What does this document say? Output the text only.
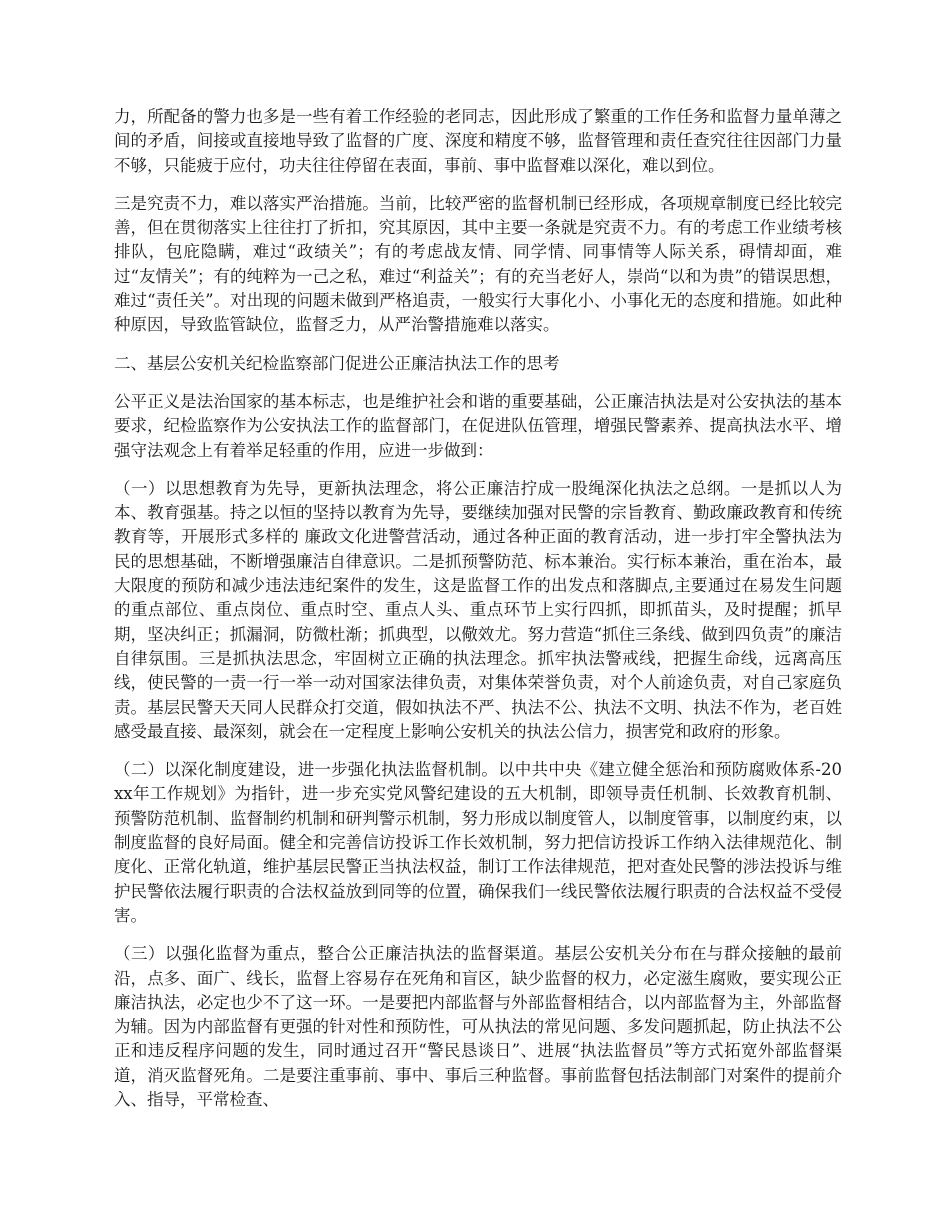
力，所配备的警力也多是一些有着工作经验的老同志，因此形成了繁重的工作任务和监督力量单薄之间的矛盾，间接或直接地导致了监督的广度、深度和精度不够，监督管理和责任查究往往因部门力量不够，只能疲于应付，功夫往往停留在表面，事前、事中监督难以深化，难以到位。

三是究责不力，难以落实严治措施。当前，比较严密的监督机制已经形成，各项规章制度已经比较完善，但在贯彻落实上往往打了折扣，究其原因，其中主要一条就是究责不力。有的考虑工作业绩考核排队，包庇隐瞒，难过“政绩关”；有的考虑战友情、同学情、同事情等人际关系，碍情却面，难过“友情关”；有的纯粹为一己之私，难过“利益关”；有的充当老好人，崇尚“以和为贵”的错误思想，难过“责任关”。对出现的问题未做到严格追责，一般实行大事化小、小事化无的态度和措施。如此种种原因，导致监管缺位，监督乏力，从严治警措施难以落实。

二、基层公安机关纪检监察部门促进公正廉洁执法工作的思考

公平正义是法治国家的基本标志，也是维护社会和谐的重要基础，公正廉洁执法是对公安执法的基本要求，纪检监察作为公安执法工作的监督部门，在促进队伍管理，增强民警素养、提高执法水平、增强守法观念上有着举足轻重的作用，应进一步做到：

（一）以思想教育为先导，更新执法理念，将公正廉洁拧成一股绳深化执法之总纲。一是抓以人为本、教育强基。持之以恒的坚持以教育为先导，要继续加强对民警的宗旨教育、勤政廉政教育和传统教育等，开展形式多样的 廉政文化进警营活动，通过各种正面的教育活动，进一步打牢全警执法为民的思想基础，不断增强廉洁自律意识。二是抓预警防范、标本兼治。实行标本兼治，重在治本，最大限度的预防和减少违法违纪案件的发生，这是监督工作的出发点和落脚点,主要通过在易发生问题的重点部位、重点岗位、重点时空、重点人头、重点环节上实行四抓，即抓苗头，及时提醒；抓早期，坚决纠正；抓漏洞，防微杜渐；抓典型，以儆效尤。努力营造“抓住三条线、做到四负责”的廉洁自律氛围。三是抓执法思念，牢固树立正确的执法理念。抓牢执法警戒线，把握生命线，远离高压线，使民警的一责一行一举一动对国家法律负责，对集体荣誉负责，对个人前途负责，对自己家庭负责。基层民警天天同人民群众打交道，假如执法不严、执法不公、执法不文明、执法不作为，老百姓感受最直接、最深刻，就会在一定程度上影响公安机关的执法公信力，损害党和政府的形象。

（二）以深化制度建设，进一步强化执法监督机制。以中共中央《建立健全惩治和预防腐败体系-20xx年工作规划》为指针，进一步充实党风警纪建设的五大机制，即领导责任机制、长效教育机制、预警防范机制、监督制约机制和研判警示机制，努力形成以制度管人，以制度管事，以制度约束，以制度监督的良好局面。健全和完善信访投诉工作长效机制，努力把信访投诉工作纳入法律规范化、制度化、正常化轨道，维护基层民警正当执法权益，制订工作法律规范，把对查处民警的涉法投诉与维护民警依法履行职责的合法权益放到同等的位置，确保我们一线民警依法履行职责的合法权益不受侵害。

（三）以强化监督为重点，整合公正廉洁执法的监督渠道。基层公安机关分布在与群众接触的最前沿，点多、面广、线长，监督上容易存在死角和盲区，缺少监督的权力，必定滋生腐败，要实现公正廉洁执法，必定也少不了这一环。一是要把内部监督与外部监督相结合，以内部监督为主，外部监督为辅。因为内部监督有更强的针对性和预防性，可从执法的常见问题、多发问题抓起，防止执法不公正和违反程序问题的发生，同时通过召开“警民恳谈日”、进展“执法监督员”等方式拓宽外部监督渠道，消灭监督死角。二是要注重事前、事中、事后三种监督。事前监督包括法制部门对案件的提前介入、指导，平常检查、
